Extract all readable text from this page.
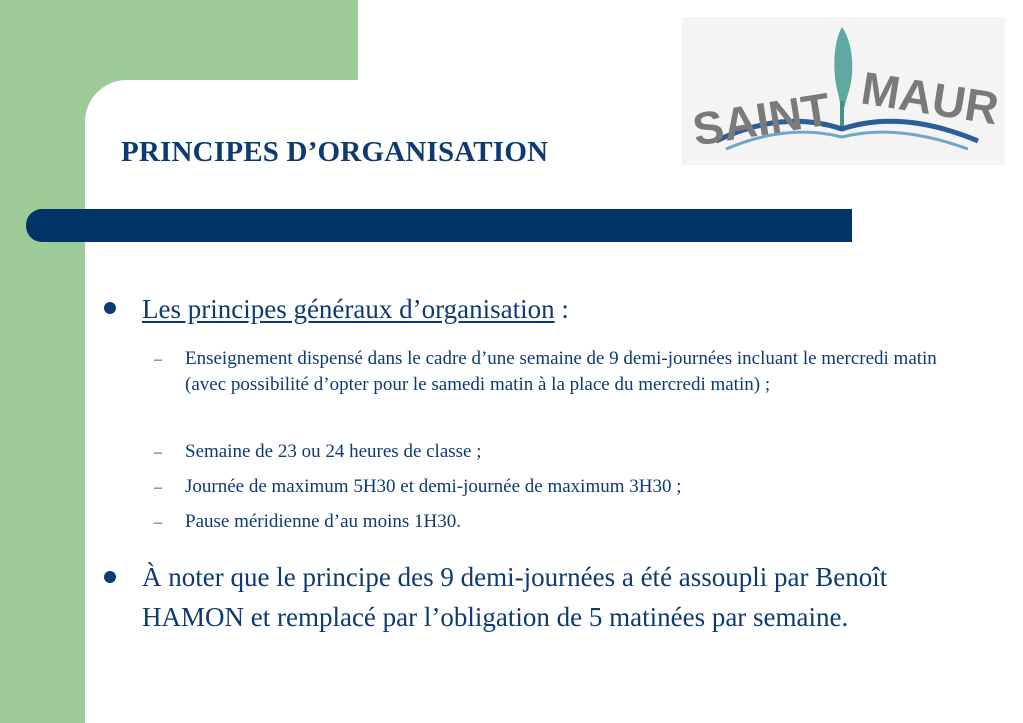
SAINT MAUR
PRINCIPES D’ORGANISATION

Les principes généraux d’organisation :

– Enseignement dispensé dans le cadre d’une semaine de 9 demi-journées incluant le mercredi matin (avec possibilité d’opter pour le samedi matin à la place du mercredi matin) ;

– Semaine de 23 ou 24 heures de classe ;

– Journée de maximum 5H30 et demi-journée de maximum 3H30 ;

– Pause méridienne d’au moins 1H30.

À noter que le principe des 9 demi-journées a été assoupli par Benoît HAMON et remplacé par l’obligation de 5 matinées par semaine.
